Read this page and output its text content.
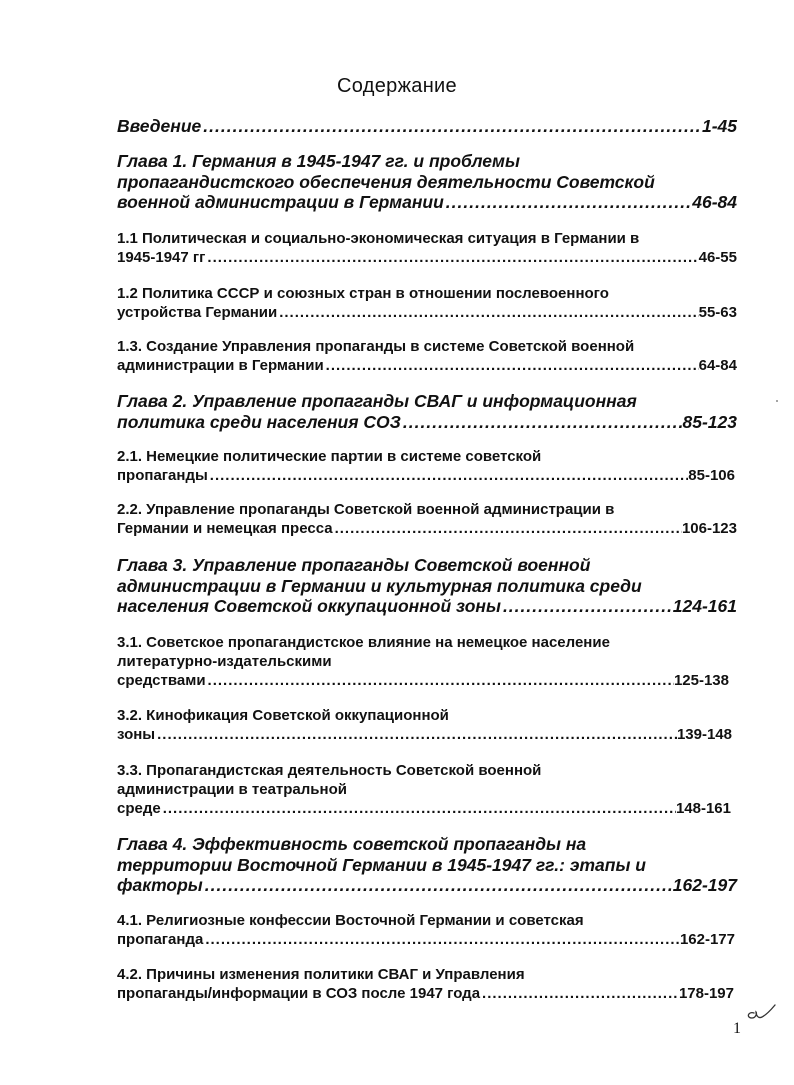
Содержание
Введение .....	1-45
Глава 1. Германия в 1945-1947 гг. и проблемы
пропагандистского обеспечения деятельности Советской
военной администрации в Германии .....	46-84
1.1 Политическая и социально-экономическая ситуация в Германии в
1945-1947 гг .....	46-55
1.2 Политика СССР и союзных стран в отношении послевоенного
устройства Германии .....	55-63
1.3. Создание Управления пропаганды в системе Советской военной
администрации в Германии .....	64-84
Глава 2. Управление пропаганды СВАГ и информационная
политика среди населения СОЗ .....	85-123
2.1. Немецкие политические партии в системе советской
пропаганды .....	85-106
2.2. Управление пропаганды Советской военной администрации в
Германии и немецкая пресса .....	106-123
Глава 3. Управление пропаганды Советской военной
администрации в Германии и культурная политика среди
населения Советской оккупационной зоны .....	124-161
3.1. Советское пропагандистское влияние на немецкое население
литературно-издательскими
средствами .....	125-138
3.2. Кинофикация Советской оккупационной
зоны .....	139-148
3.3. Пропагандистская деятельность Советской военной
администрации в театральной
среде .....	148-161
Глава 4. Эффективность советской пропаганды на
территории Восточной Германии в 1945-1947 гг.: этапы и
факторы .....	162-197
4.1. Религиозные конфессии Восточной Германии и советская
пропаганда .....	162-177
4.2. Причины изменения политики СВАГ и Управления
пропаганды/информации в СОЗ после 1947 года .....	178-197
1
